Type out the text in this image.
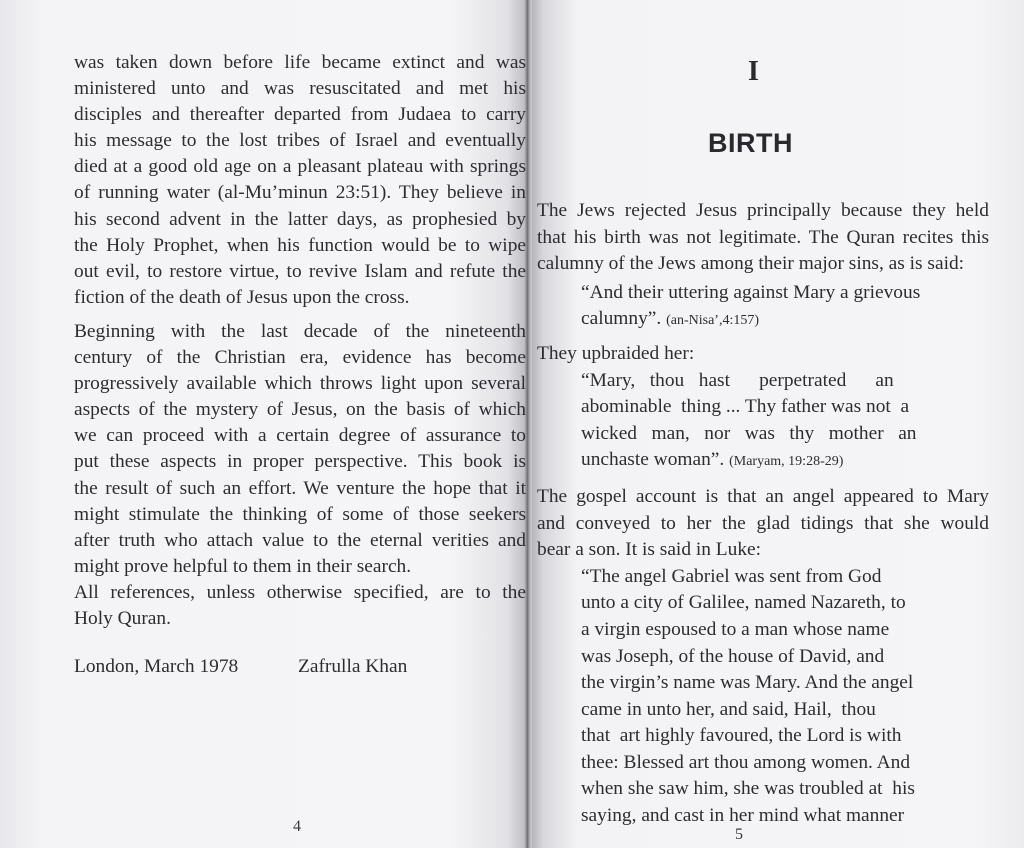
was taken down before life became extinct and was

ministered unto and was resuscitated and met his

disciples and thereafter departed from Judaea to carry

his message to the lost tribes of Israel and eventually

died at a good old age on a pleasant plateau with springs

of running water (al-Mu’minun 23:51). They believe in

his second advent in the latter days, as prophesied by

the Holy Prophet, when his function would be to wipe

out evil, to restore virtue, to revive Islam and refute the

fiction of the death of Jesus upon the cross.

Beginning with the last decade of the nineteenth

century of the Christian era, evidence has become

progressively available which throws light upon several

aspects of the mystery of Jesus, on the basis of which

we can proceed with a certain degree of assurance to

put these aspects in proper perspective. This book is

the result of such an effort. We venture the hope that it

might stimulate the thinking of some of those seekers

after truth who attach value to the eternal verities and

might prove helpful to them in their search.

All references, unless otherwise specified, are to the

Holy Quran.

London, March 1978	Zafrulla Khan
4
I
BIRTH

The Jews rejected Jesus principally because they held

that his birth was not legitimate. The Quran recites this

calumny of the Jews among their major sins, as is said:

“And their uttering against Mary a grievous

calumny”. (an-Nisa’,4:157)

They upbraided her:

“Mary,   thou   hast      perpetrated      an

abominable  thing ... Thy father was not  a

wicked   man,   nor   was   thy   mother   an

unchaste woman”. (Maryam, 19:28-29)

The gospel account is that an angel appeared to Mary

and conveyed to her the glad tidings that she would

bear a son. It is said in Luke:

“The angel Gabriel was sent from God

unto a city of Galilee, named Nazareth, to

a virgin espoused to a man whose name

was Joseph, of the house of David, and

the virgin’s name was Mary. And the angel

came in unto her, and said, Hail,  thou

that  art highly favoured, the Lord is with

thee: Blessed art thou among women. And

when she saw him, she was troubled at  his

saying, and cast in her mind what manner

5
